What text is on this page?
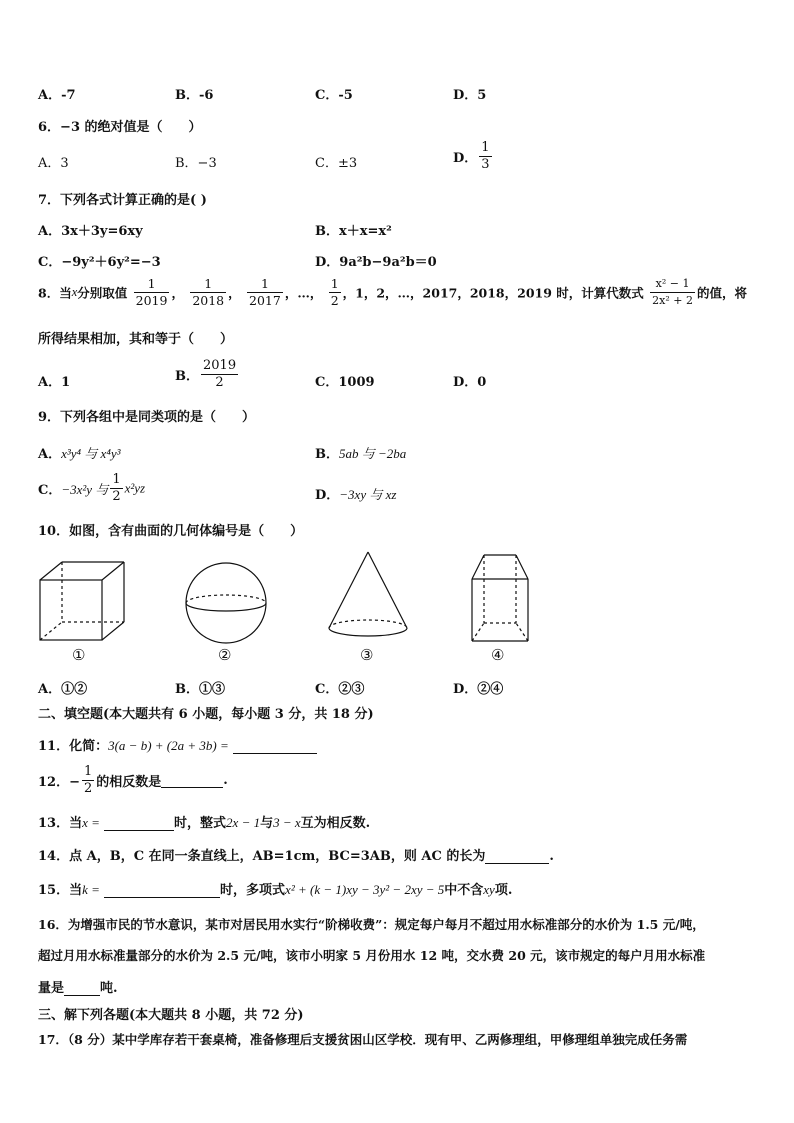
A．-7	B．-6	C．-5	D．5
6．−3 的绝对值是（　　）
A．3	B．−3	C．±3	D． $\frac{1}{3}$
7．下列各式计算正确的是( )
A．3x＋3y=6xy	B．x＋x=x²
C．−9y²＋6y²=−3	D．9a²b−9a²b＝0
8．当x分别取值 $\frac{1}{2019}$ ， $\frac{1}{2018}$ ， $\frac{1}{2017}$ ，…， $\frac{1}{2}$ ，1，2，…，2017，2018，2019 时，计算代数式 $\frac{\text{x² − 1}}{\text{2x² + 2}}$ 的值，将
所得结果相加，其和等于（　　）
A．1	B． $\frac{2019}{2}$	C．1009	D．0
9．下列各组中是同类项的是（　　）
A．x³y⁴ 与 x⁴y³	B．5ab 与 −2ba
C．−3x²y 与 $\frac{1}{2} x^2yz$	D．−3xy 与 xz
10．如图，含有曲面的几何体编号是（　　）
①	②	③	④
A．①②	B．①③	C．②③	D．②④
二、填空题(本大题共有 6 小题，每小题 3 分，共 18 分)
11．化简：3(a − b) + (2a + 3b) =
12．− $\frac{1}{2}$ 的相反数是	.
13．当x =	时，整式2x − 1与3 − x互为相反数.
14．点 A，B，C 在同一条直线上，AB=1cm，BC=3AB，则 AC 的长为	.
15．当k =	时，多项式x² + (k − 1)xy − 3y² − 2xy − 5中不含xy项.
16．为增强市民的节水意识，某市对居民用水实行“阶梯收费”：规定每户每月不超过用水标准部分的水价为 1.5 元/吨，
超过月用水标准量部分的水价为 2.5 元/吨，该市小明家 5 月份用水 12 吨，交水费 20 元，该市规定的每户月用水标准
量是	吨.
三、解下列各题(本大题共 8 小题，共 72 分)
17．（8 分）某中学库存若干套桌椅，准备修理后支援贫困山区学校．现有甲、乙两修理组，甲修理组单独完成任务需
